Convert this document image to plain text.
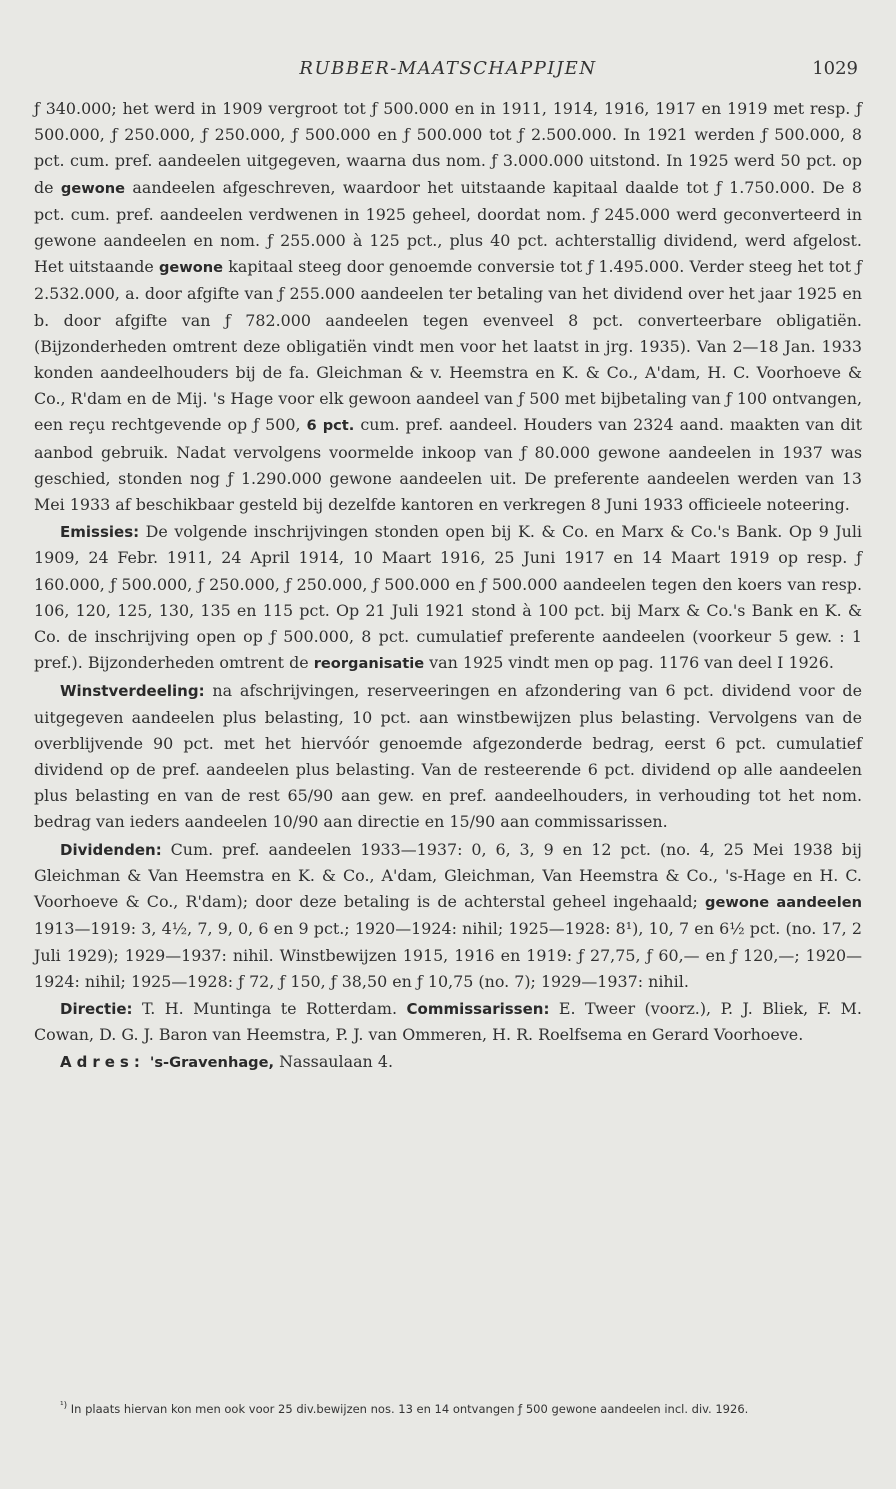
RUBBER-MAATSCHAPPIJEN	1029

ƒ 340.000; het werd in 1909 vergroot tot ƒ 500.000 en in 1911, 1914, 1916, 1917 en 1919 met resp. ƒ 500.000, ƒ 250.000, ƒ 250.000, ƒ 500.000 en ƒ 500.000 tot ƒ 2.500.000. In 1921 werden ƒ 500.000, 8 pct. cum. pref. aandeelen uitgegeven, waarna dus nom. ƒ 3.000.000 uitstond. In 1925 werd 50 pct. op de gewone aandeelen afgeschreven, waardoor het uitstaande kapitaal daalde tot ƒ 1.750.000. De 8 pct. cum. pref. aandeelen verdwenen in 1925 geheel, doordat nom. ƒ 245.000 werd geconverteerd in gewone aandeelen en nom. ƒ 255.000 à 125 pct., plus 40 pct. achterstallig dividend, werd afgelost. Het uitstaande gewone kapitaal steeg door genoemde conversie tot ƒ 1.495.000. Verder steeg het tot ƒ 2.532.000, a. door afgifte van ƒ 255.000 aandeelen ter betaling van het dividend over het jaar 1925 en b. door afgifte van ƒ 782.000 aandeelen tegen evenveel 8 pct. converteerbare obligatiën. (Bijzonderheden omtrent deze obligatiën vindt men voor het laatst in jrg. 1935). Van 2—18 Jan. 1933 konden aandeelhouders bij de fa. Gleichman & v. Heemstra en K. & Co., A'dam, H. C. Voorhoeve & Co., R'dam en de Mij. 's Hage voor elk gewoon aandeel van ƒ 500 met bijbetaling van ƒ 100 ontvangen, een reçu rechtgevende op ƒ 500, 6 pct. cum. pref. aandeel. Houders van 2324 aand. maakten van dit aanbod gebruik. Nadat vervolgens voormelde inkoop van ƒ 80.000 gewone aandeelen in 1937 was geschied, stonden nog ƒ 1.290.000 gewone aandeelen uit. De preferente aandeelen werden van 13 Mei 1933 af beschikbaar gesteld bij dezelfde kantoren en verkregen 8 Juni 1933 officieele noteering.

Emissies: De volgende inschrijvingen stonden open bij K. & Co. en Marx & Co.'s Bank. Op 9 Juli 1909, 24 Febr. 1911, 24 April 1914, 10 Maart 1916, 25 Juni 1917 en 14 Maart 1919 op resp. ƒ 160.000, ƒ 500.000, ƒ 250.000, ƒ 250.000, ƒ 500.000 en ƒ 500.000 aandeelen tegen den koers van resp. 106, 120, 125, 130, 135 en 115 pct. Op 21 Juli 1921 stond à 100 pct. bij Marx & Co.'s Bank en K. & Co. de inschrijving open op ƒ 500.000, 8 pct. cumulatief preferente aandeelen (voorkeur 5 gew. : 1 pref.). Bijzonderheden omtrent de reorganisatie van 1925 vindt men op pag. 1176 van deel I 1926.

Winstverdeeling: na afschrijvingen, reserveeringen en afzondering van 6 pct. dividend voor de uitgegeven aandeelen plus belasting, 10 pct. aan winstbewijzen plus belasting. Vervolgens van de overblijvende 90 pct. met het hiervóór genoemde afgezonderde bedrag, eerst 6 pct. cumulatief dividend op de pref. aandeelen plus belasting. Van de resteerende 6 pct. dividend op alle aandeelen plus belasting en van de rest 65/90 aan gew. en pref. aandeelhouders, in verhouding tot het nom. bedrag van ieders aandeelen 10/90 aan directie en 15/90 aan commissarissen.

Dividenden: Cum. pref. aandeelen 1933—1937: 0, 6, 3, 9 en 12 pct. (no. 4, 25 Mei 1938 bij Gleichman & Van Heemstra en K. & Co., A'dam, Gleichman, Van Heemstra & Co., 's-Hage en H. C. Voorhoeve & Co., R'dam); door deze betaling is de achterstal geheel ingehaald; gewone aandeelen 1913—1919: 3, 4½, 7, 9, 0, 6 en 9 pct.; 1920—1924: nihil; 1925—1928: 8¹), 10, 7 en 6½ pct. (no. 17, 2 Juli 1929); 1929—1937: nihil. Winstbewijzen 1915, 1916 en 1919: ƒ 27,75, ƒ 60,— en ƒ 120,—; 1920—1924: nihil; 1925—1928: ƒ 72, ƒ 150, ƒ 38,50 en ƒ 10,75 (no. 7); 1929—1937: nihil.

Directie: T. H. Muntinga te Rotterdam. Commissarissen: E. Tweer (voorz.), P. J. Bliek, F. M. Cowan, D. G. J. Baron van Heemstra, P. J. van Ommeren, H. R. Roelfsema en Gerard Voorhoeve.

Adres: 's-Gravenhage, Nassaulaan 4.

$^{^1)}$ In plaats hiervan kon men ook voor 25 div.bewijzen nos. 13 en 14 ontvangen ƒ 500 gewone aandeelen incl. div. 1926.
